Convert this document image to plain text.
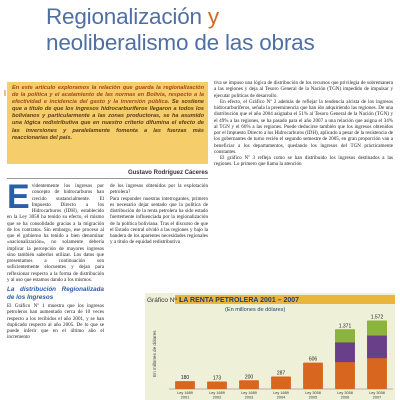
Regionalización y
neoliberalismo de las obras
En este artículo exploramos la relación que guarda la regionalización de la política y el acatamiento de las normas en Bolivia, respecto a la efectividad e incidencia del gasto y la inversión pública. Se sostiene que a título de que los ingresos hidrocarburíferos llegaron a todos los bolivianos y particularmente a las zonas productoras, se ha asumido una lógica redistributiva que en nuestro criterio difumina el efecto de las inversiones y paralelamente fomenta a las fuerzas más reaccionarias del país.
Gustavo Rodríguez Cáceres
E videntemente los ingresos por concepto de hidrocarburos han crecido sustancialmente. El Impuesto Directo a los Hidrocarburos (IDH), establecido en la Ley 3058 ha tenido su efecto, el mismo que se ha consolidado gracias a la migración de los contratos. Sin embargo, ese proceso al que el gobierno ha tenido a bien denominar «nacionalización», no solamente debería implicar la percepción de mayores ingresos sino también saberlos utilizar. Los datos que presentamos a continuación son suficientemente elocuentes y dejan para reflexionar respecto a la forma de distribución y al uso que estamos dando a los mismos.

La distribución Regionalizada de los Ingresos

El Gráfico Nº 1 muestra que los ingresos petroleros han aumentado cerca de 10 veces respecto a los recibidos el año 2001, y se han duplicado respecto al año 2005. De lo que se puede inferir que en el último año el incremento

de los ingresos obtenidos por la explotación petrolera?

Para responder nuestras interrogantes, primero es necesario dejar sentado que la política de distribución de la renta petrolera ha sido estado fuertemente influenciada por la regionalización de la política boliviana. Tras el discurso de que el Estado central olvidó a las regiones y bajo la bandera de los aparentes necesidades regionales y a título de equidad redistributiva

tiva se impuso una lógica de distribución de los recursos que privilegia de sobremanera a las regiones y deja al Tesoro General de la Nación (TGN) impedido de impulsar y ejecutar políticas de desarrollo.

En efecto, el Gráfico Nº 2 además de reflejar la tendencia alcista de los ingresos hidrocarburíferos, señala la preeminencia que han ido adquiriendo las regiones. De una distribución que el año 2004 asignaba el 51% al Tesoro General de la Nación (TGN) y el 49% a las regiones, se ha pasado para el año 2007 a una relación que asigna el 34% al TGN y el 66% a las regiones. Puede deducirse también que los ingresos obtenidos por el Impuesto Directo a los Hidrocarburos (IDH), aplicado a pesar de la resistencia de los gobernantes de turno recién el segundo semestre de 2005, en gran proporción van a beneficiar a los departamentos, quedando los ingresos del TGN prácticamente constantes.

El gráfico Nº 3 refleja como se han distribuido los ingresos destinados a las regiones. Lo primero que llama la atención

Gráfico Nº 1
LA RENTA PETROLERA 2001 – 2007
(En millones de dólares)
En millones de dólares
180
Ley 1689
2001
173
Ley 1689
2002
200
Ley 1689
2003
287
Ley 1689
2004
606
Ley 3058
2005
1.371
Ley 3058
2006
1.572
Ley 3058
2007
